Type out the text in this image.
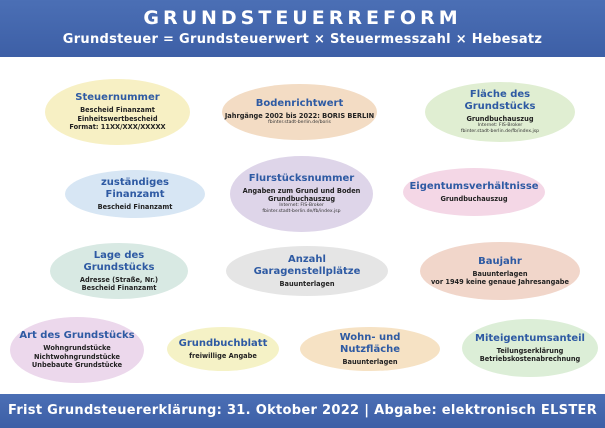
GRUNDSTEUERREFORM
Grundsteuer = Grundsteuerwert × Steuermesszahl × Hebesatz
Steuernummer
Bescheid Finanzamt
Einheitswertbescheid
Format: 11XX/XXX/XXXXX
Bodenrichtwert
Jahrgänge 2002 bis 2022: BORIS BERLIN
fbinter.stadt-berlin.de/boris
Fläche des Grundstücks
Grundbuchauszug
Internet: FIS-Broker
fbinter.stadt-berlin.de/fb/index.jsp
zuständiges Finanzamt
Bescheid Finanzamt
Flurstücksnummer
Angaben zum Grund und Boden
Grundbuchauszug
Internet: FIS-Broker
fbinter.stadt-berlin.de/fb/index.jsp
Eigentumsverhältnisse
Grundbuchauszug
Lage des Grundstücks
Adresse (Straße, Nr.)
Bescheid Finanzamt
Anzahl Garagenstellplätze
Bauunterlagen
Baujahr
Bauunterlagen
vor 1949 keine genaue Jahresangabe
Art des Grundstücks
Wohngrundstücke
Nichtwohngrundstücke
Unbebaute Grundstücke
Grundbuchblatt
freiwillige Angabe
Wohn- und Nutzfläche
Bauunterlagen
Miteigentumsanteil
Teilungserklärung
Betriebskostenabrechnung
Frist Grundsteuererklärung: 31. Oktober 2022 | Abgabe: elektronisch ELSTER
